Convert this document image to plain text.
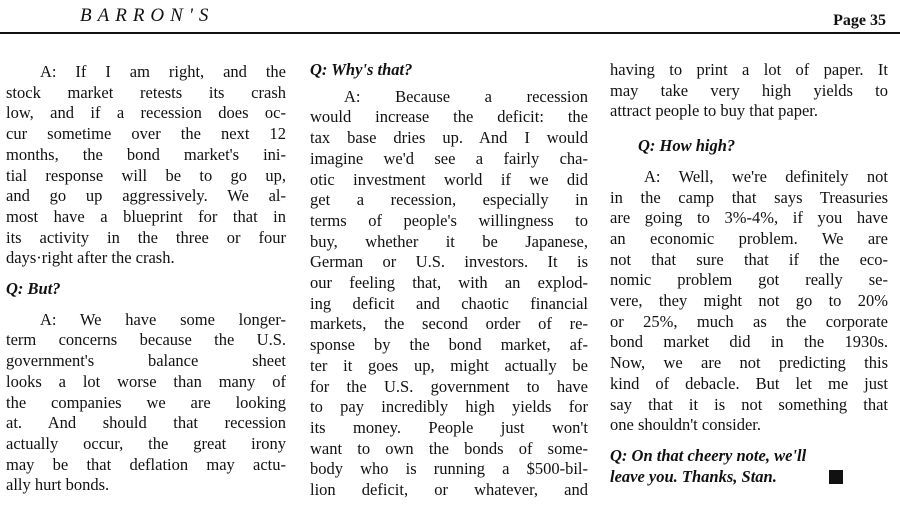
BARRON'S	Page 35
A: If I am right, and the
stock market retests its crash
low, and if a recession does oc-
cur sometime over the next 12
months, the bond market's ini-
tial response will be to go up,
and go up aggressively. We al-
most have a blueprint for that in
its activity in the three or four
days·right after the crash.
Q: But?
A: We have some longer-
term concerns because the U.S.
government's balance sheet
looks a lot worse than many of
the companies we are looking
at. And should that recession
actually occur, the great irony
may be that deflation may actu-
ally hurt bonds.
Q: Why's that?
A: Because a recession
would increase the deficit: the
tax base dries up. And I would
imagine we'd see a fairly cha-
otic investment world if we did
get a recession, especially in
terms of people's willingness to
buy, whether it be Japanese,
German or U.S. investors. It is
our feeling that, with an explod-
ing deficit and chaotic financial
markets, the second order of re-
sponse by the bond market, af-
ter it goes up, might actually be
for the U.S. government to have
to pay incredibly high yields for
its money. People just won't
want to own the bonds of some-
body who is running a $500-bil-
lion deficit, or whatever, and
having to print a lot of paper. It
may take very high yields to
attract people to buy that paper.
Q: How high?
A: Well, we're definitely not
in the camp that says Treasuries
are going to 3%-4%, if you have
an economic problem. We are
not that sure that if the eco-
nomic problem got really se-
vere, they might not go to 20%
or 25%, much as the corporate
bond market did in the 1930s.
Now, we are not predicting this
kind of debacle. But let me just
say that it is not something that
one shouldn't consider.
Q: On that cheery note, we'll
leave you. Thanks, Stan.
